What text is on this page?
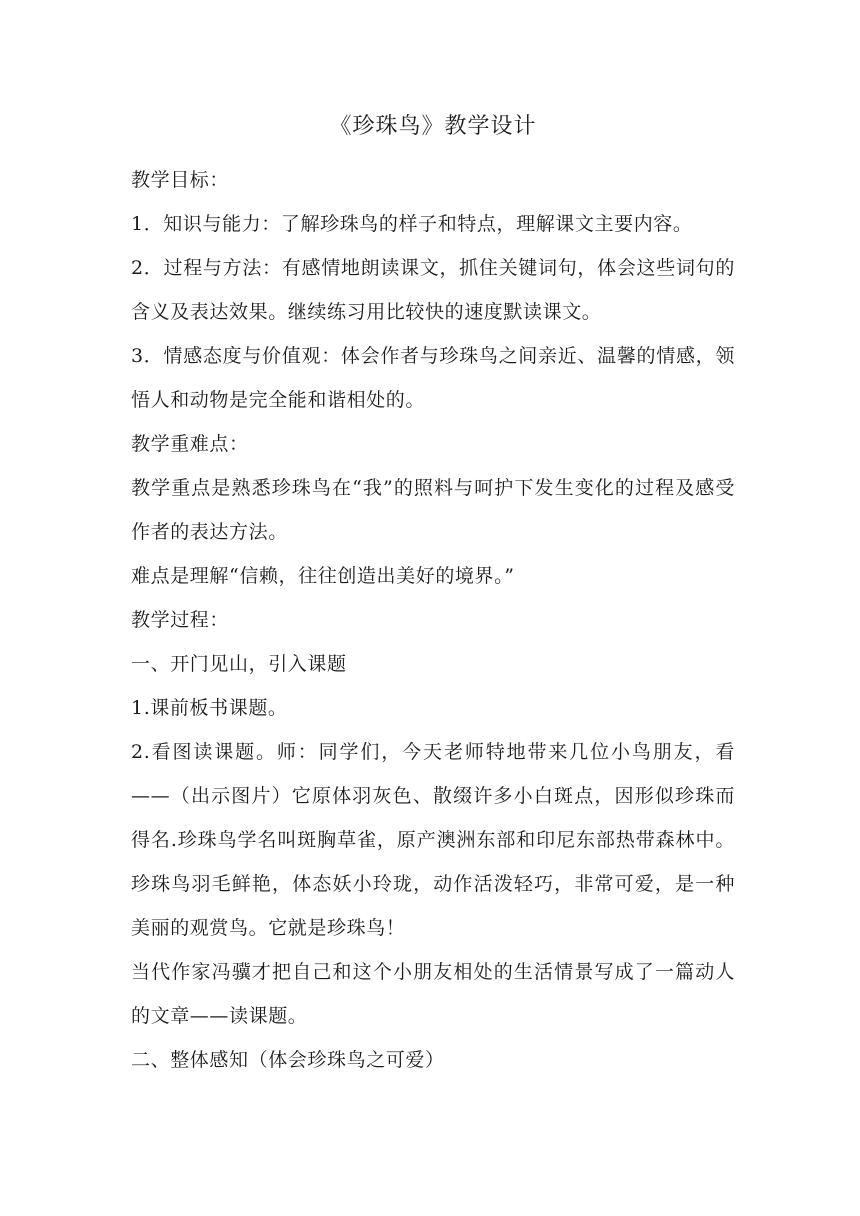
《珍珠鸟》教学设计

教学目标：

1．知识与能力：了解珍珠鸟的样子和特点，理解课文主要内容。

2．过程与方法：有感情地朗读课文，抓住关键词句，体会这些词句的含义及表达效果。继续练习用比较快的速度默读课文。

3．情感态度与价值观：体会作者与珍珠鸟之间亲近、温馨的情感，领悟人和动物是完全能和谐相处的。

教学重难点：

教学重点是熟悉珍珠鸟在“我”的照料与呵护下发生变化的过程及感受作者的表达方法。

难点是理解“信赖，往往创造出美好的境界。”

教学过程：

一、开门见山，引入课题

1.课前板书课题。

2.看图读课题。师：同学们，今天老师特地带来几位小鸟朋友，看——（出示图片）它原体羽灰色、散缀许多小白斑点，因形似珍珠而得名.珍珠鸟学名叫斑胸草雀，原产澳洲东部和印尼东部热带森林中。珍珠鸟羽毛鲜艳，体态妖小玲珑，动作活泼轻巧，非常可爱，是一种美丽的观赏鸟。它就是珍珠鸟！

当代作家冯骥才把自己和这个小朋友相处的生活情景写成了一篇动人的文章——读课题。

二、整体感知（体会珍珠鸟之可爱）
